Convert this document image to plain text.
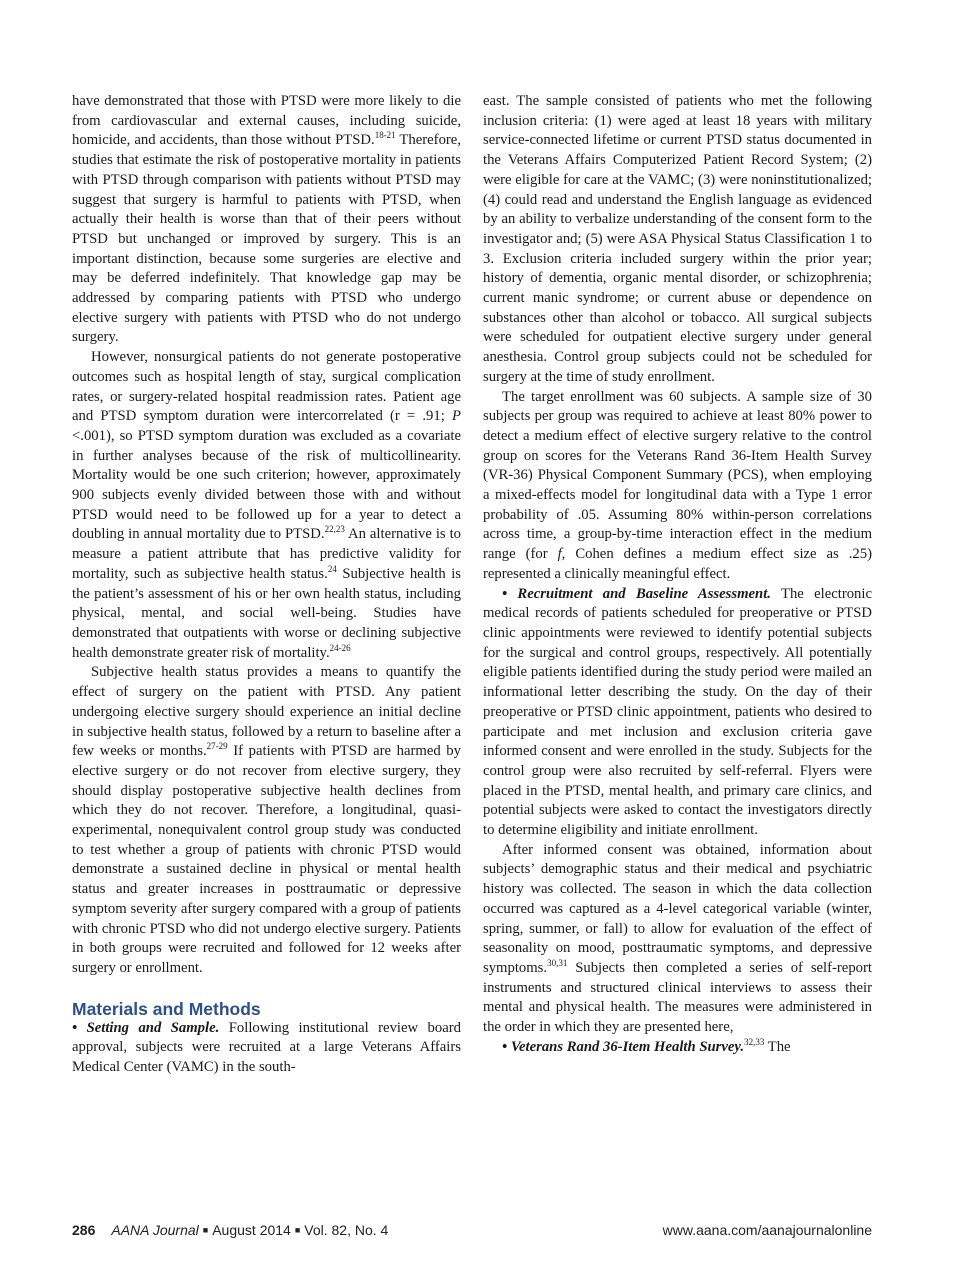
have demonstrated that those with PTSD were more likely to die from cardiovascular and external causes, including suicide, homicide, and accidents, than those without PTSD.$^{18-21}$ Therefore, studies that estimate the risk of postoperative mortality in patients with PTSD through comparison with patients without PTSD may suggest that surgery is harmful to patients with PTSD, when actually their health is worse than that of their peers without PTSD but unchanged or improved by surgery. This is an important distinction, because some surgeries are elective and may be deferred indefinitely. That knowledge gap may be addressed by comparing patients with PTSD who undergo elective surgery with patients with PTSD who do not undergo surgery.

However, nonsurgical patients do not generate postoperative outcomes such as hospital length of stay, surgical complication rates, or surgery-related hospital readmission rates. Patient age and PTSD symptom duration were intercorrelated (r = .91; P <.001), so PTSD symptom duration was excluded as a covariate in further analyses because of the risk of multicollinearity. Mortality would be one such criterion; however, approximately 900 subjects evenly divided between those with and without PTSD would need to be followed up for a year to detect a doubling in annual mortality due to PTSD.$^{22,23}$ An alternative is to measure a patient attribute that has predictive validity for mortality, such as subjective health status.$^{24}$ Subjective health is the patient’s assessment of his or her own health status, including physical, mental, and social well-being. Studies have demonstrated that outpatients with worse or declining subjective health demonstrate greater risk of mortality.$^{24-26}$

Subjective health status provides a means to quantify the effect of surgery on the patient with PTSD. Any patient undergoing elective surgery should experience an initial decline in subjective health status, followed by a return to baseline after a few weeks or months.$^{27-29}$ If patients with PTSD are harmed by elective surgery or do not recover from elective surgery, they should display postoperative subjective health declines from which they do not recover. Therefore, a longitudinal, quasi-experimental, nonequivalent control group study was conducted to test whether a group of patients with chronic PTSD would demonstrate a sustained decline in physical or mental health status and greater increases in posttraumatic or depressive symptom severity after surgery compared with a group of patients with chronic PTSD who did not undergo elective surgery. Patients in both groups were recruited and followed for 12 weeks after surgery or enrollment.

Materials and Methods

• Setting and Sample. Following institutional review board approval, subjects were recruited at a large Veterans Affairs Medical Center (VAMC) in the south-

east. The sample consisted of patients who met the following inclusion criteria: (1) were aged at least 18 years with military service-connected lifetime or current PTSD status documented in the Veterans Affairs Computerized Patient Record System; (2) were eligible for care at the VAMC; (3) were noninstitutionalized; (4) could read and understand the English language as evidenced by an ability to verbalize understanding of the consent form to the investigator and; (5) were ASA Physical Status Classification 1 to 3. Exclusion criteria included surgery within the prior year; history of dementia, organic mental disorder, or schizophrenia; current manic syndrome; or current abuse or dependence on substances other than alcohol or tobacco. All surgical subjects were scheduled for outpatient elective surgery under general anesthesia. Control group subjects could not be scheduled for surgery at the time of study enrollment.

The target enrollment was 60 subjects. A sample size of 30 subjects per group was required to achieve at least 80% power to detect a medium effect of elective surgery relative to the control group on scores for the Veterans Rand 36-Item Health Survey (VR-36) Physical Component Summary (PCS), when employing a mixed-effects model for longitudinal data with a Type 1 error probability of .05. Assuming 80% within-person correlations across time, a group-by-time interaction effect in the medium range (for f, Cohen defines a medium effect size as .25) represented a clinically meaningful effect.

• Recruitment and Baseline Assessment. The electronic medical records of patients scheduled for preoperative or PTSD clinic appointments were reviewed to identify potential subjects for the surgical and control groups, respectively. All potentially eligible patients identified during the study period were mailed an informational letter describing the study. On the day of their preoperative or PTSD clinic appointment, patients who desired to participate and met inclusion and exclusion criteria gave informed consent and were enrolled in the study. Subjects for the control group were also recruited by self-referral. Flyers were placed in the PTSD, mental health, and primary care clinics, and potential subjects were asked to contact the investigators directly to determine eligibility and initiate enrollment.

After informed consent was obtained, information about subjects’ demographic status and their medical and psychiatric history was collected. The season in which the data collection occurred was captured as a 4-level categorical variable (winter, spring, summer, or fall) to allow for evaluation of the effect of seasonality on mood, posttraumatic symptoms, and depressive symptoms.$^{30,31}$ Subjects then completed a series of self-report instruments and structured clinical interviews to assess their mental and physical health. The measures were administered in the order in which they are presented here,

• Veterans Rand 36-Item Health Survey.$^{32,33}$ The

286 AANA Journal ■ August 2014 ■ Vol. 82, No. 4	www.aana.com/aanajournalonline
